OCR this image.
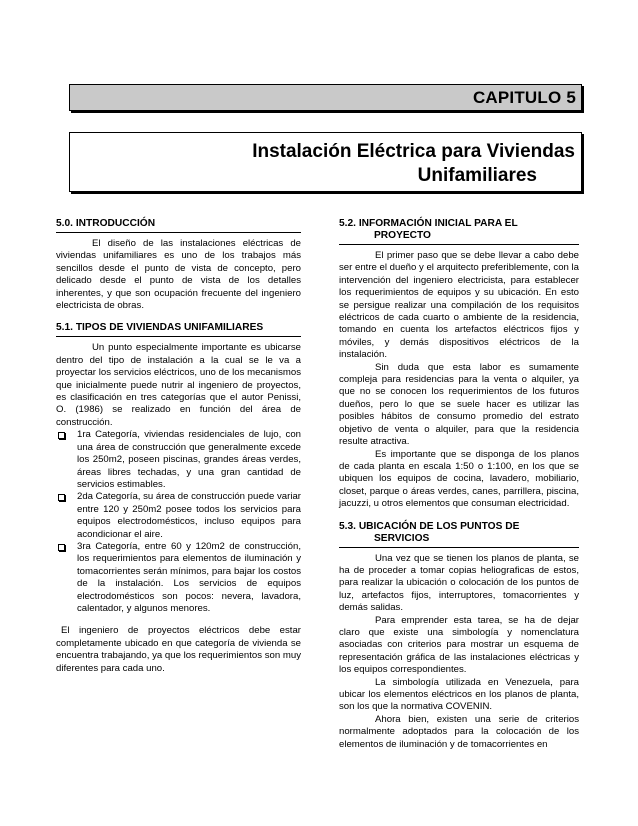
CAPITULO 5
Instalación Eléctrica para Viviendas
Unifamiliares
5.0. INTRODUCCIÓN

El diseño de las instalaciones eléctricas de viviendas unifamiliares es uno de los trabajos más sencillos desde el punto de vista de concepto, pero delicado desde el punto de vista de los detalles inherentes, y que son ocupación frecuente del ingeniero electricista de obras.

5.1. TIPOS DE VIVIENDAS UNIFAMILIARES

Un punto especialmente importante es ubicarse dentro del tipo de instalación a la cual se le va a proyectar los servicios eléctricos, uno de los mecanismos que inicialmente puede nutrir al ingeniero de proyectos, es clasificación en tres categorías que el autor Penissi, O. (1986) se realizado en función del área de construcción.

1ra Categoría, viviendas residenciales de lujo, con una área de construcción que generalmente excede los 250m2, poseen piscinas, grandes áreas verdes, áreas libres techadas, y una gran cantidad de servicios estimables.
2da Categoría, su área de construcción puede variar entre 120 y 250m2 posee todos los servicios para equipos electrodomésticos, incluso equipos para acondicionar el aire.
3ra Categoría, entre 60 y 120m2 de construcción, los requerimientos para elementos de iluminación y tomacorrientes serán mínimos, para bajar los costos de la instalación. Los servicios de equipos electrodomésticos son pocos: nevera, lavadora, calentador, y algunos menores.

El ingeniero de proyectos eléctricos debe estar completamente ubicado en que categoría de vivienda se encuentra trabajando, ya que los requerimientos son muy diferentes para cada uno.

5.2. INFORMACIÓN INICIAL PARA EL
PROYECTO

El primer paso que se debe llevar a cabo debe ser entre el dueño y el arquitecto preferiblemente, con la intervención del ingeniero electricista, para establecer los requerimientos de equipos y su ubicación. En esto se persigue realizar una compilación de los requisitos eléctricos de cada cuarto o ambiente de la residencia, tomando en cuenta los artefactos eléctricos fijos y móviles, y demás dispositivos eléctricos de la instalación.

Sin duda que esta labor es sumamente compleja para residencias para la venta o alquiler, ya que no se conocen los requerimientos de los futuros dueños, pero lo que se suele hacer es utilizar las posibles hábitos de consumo promedio del estrato objetivo de venta o alquiler, para que la residencia resulte atractiva.

Es importante que se disponga de los planos de cada planta en escala 1:50 o 1:100, en los que se ubiquen los equipos de cocina, lavadero, mobiliario, closet, parque o áreas verdes, canes, parrillera, piscina, jacuzzi, u otros elementos que consuman electricidad.

5.3. UBICACIÓN DE LOS PUNTOS DE
SERVICIOS

Una vez que se tienen los planos de planta, se ha de proceder a tomar copias heliograficas de estos, para realizar la ubicación o colocación de los puntos de luz, artefactos fijos, interruptores, tomacorrientes y demás salidas.

Para emprender esta tarea, se ha de dejar claro que existe una simbología y nomenclatura asociadas con criterios para mostrar un esquema de representación gráfica de las instalaciones eléctricas y los equipos correspondientes.

La simbología utilizada en Venezuela, para ubicar los elementos eléctricos en los planos de planta, son los que la normativa COVENIN.

Ahora bien, existen una serie de criterios normalmente adoptados para la colocación de los elementos de iluminación y de tomacorrientes en
